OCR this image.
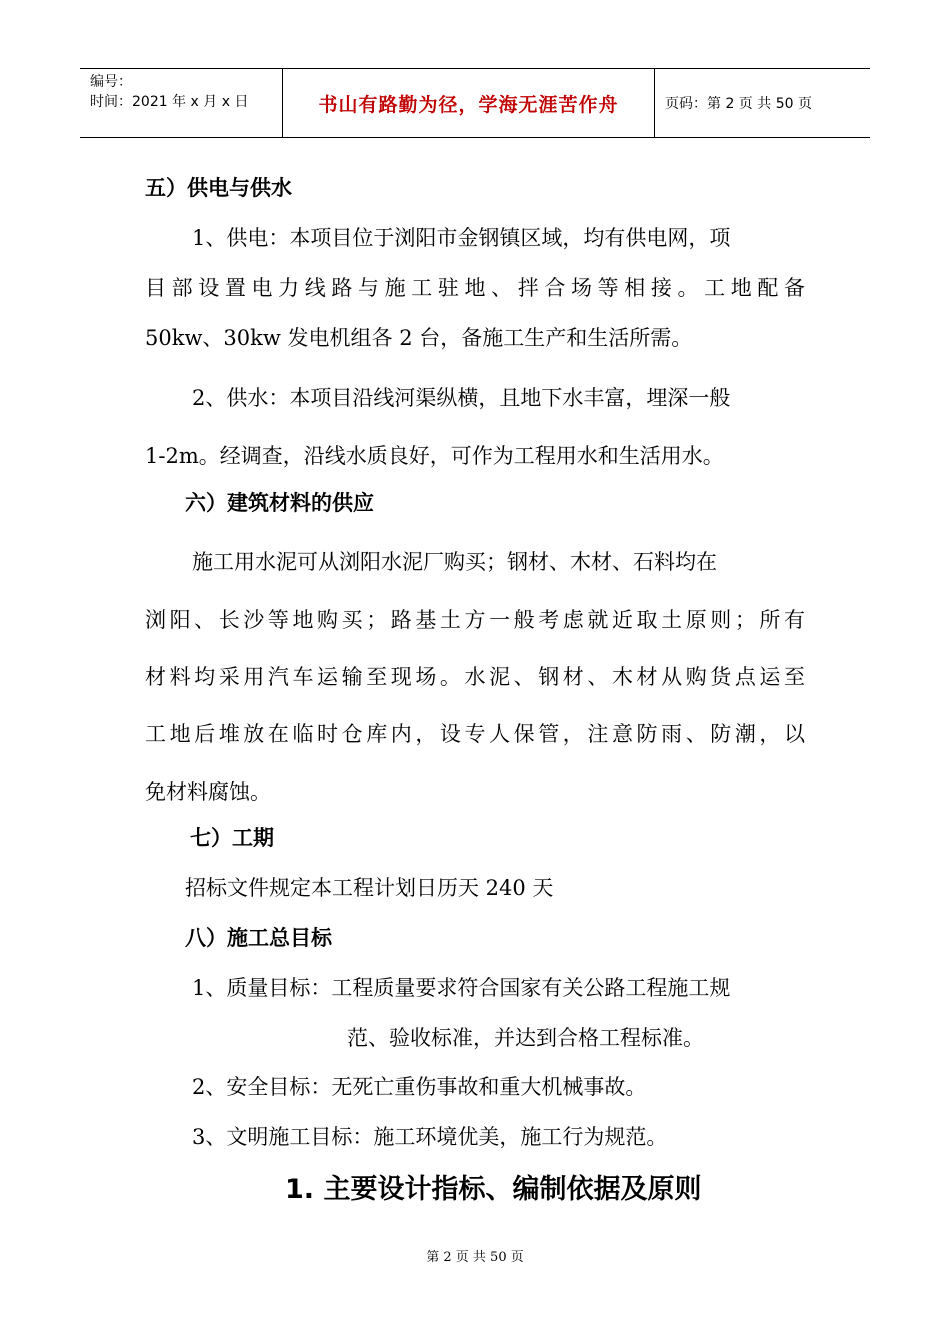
编号：
时间：2021 年 x 月 x 日	书山有路勤为径，学海无涯苦作舟	页码：第 2 页 共 50 页
五）供电与供水
1、供电：本项目位于浏阳市金钢镇区域，均有供电网，项
目部设置电力线路与施工驻地、拌合场等相接。工地配备
50kw、30kw 发电机组各 2 台，备施工生产和生活所需。
2、供水：本项目沿线河渠纵横，且地下水丰富，埋深一般
1-2m。经调查，沿线水质良好，可作为工程用水和生活用水。
六）建筑材料的供应
施工用水泥可从浏阳水泥厂购买；钢材、木材、石料均在
浏阳、长沙等地购买；路基土方一般考虑就近取土原则；所有
材料均采用汽车运输至现场。水泥、钢材、木材从购货点运至
工地后堆放在临时仓库内，设专人保管，注意防雨、防潮，以
免材料腐蚀。
七）工期
招标文件规定本工程计划日历天 240 天
八）施工总目标
1、质量目标：工程质量要求符合国家有关公路工程施工规
范、验收标准，并达到合格工程标准。
2、安全目标：无死亡重伤事故和重大机械事故。
3、文明施工目标：施工环境优美，施工行为规范。
1. 主要设计指标、编制依据及原则
第 2 页 共 50 页
